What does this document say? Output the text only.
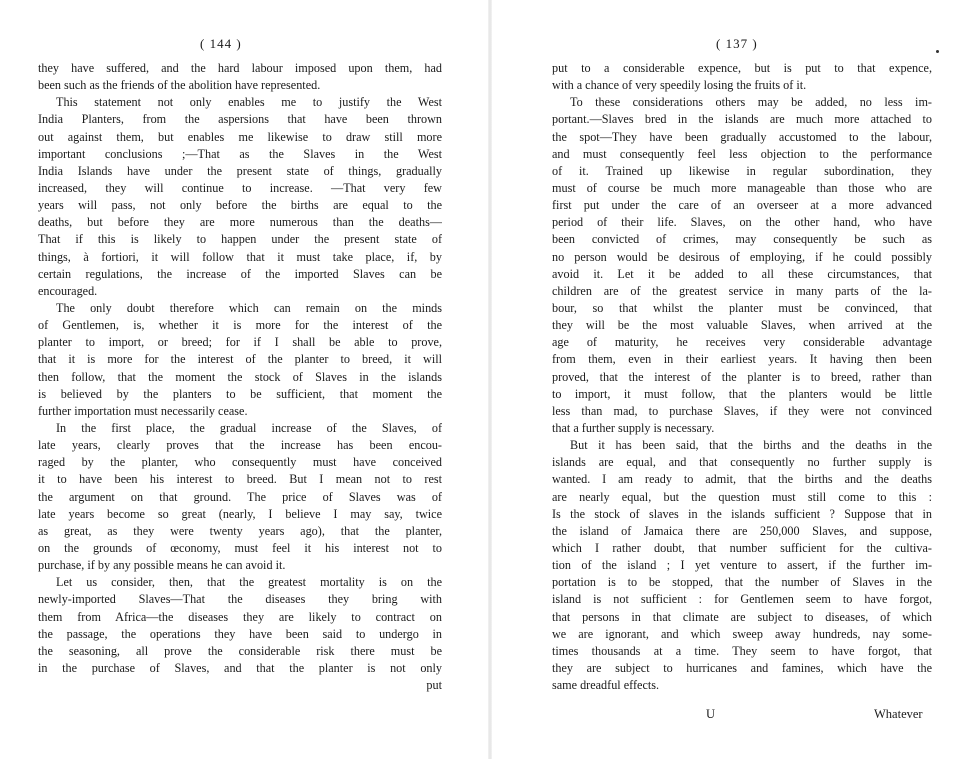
( 144 )
they have suffered, and the hard labour imposed upon them, had
been such as the friends of the abolition have represented.
This statement not only enables me to justify the West
India Planters, from the aspersions that have been thrown
out against them, but enables me likewise to draw still more
important conclusions ;—That as the Slaves in the West
India Islands have under the present state of things, gradually
increased, they will continue to increase. —That very few
years will pass, not only before the births are equal to the
deaths, but before they are more numerous than the deaths—
That if this is likely to happen under the present state of
things, à fortiori, it will follow that it must take place, if, by
certain regulations, the increase of the imported Slaves can be
encouraged.
The only doubt therefore which can remain on the minds
of Gentlemen, is, whether it is more for the interest of the
planter to import, or breed; for if I shall be able to prove,
that it is more for the interest of the planter to breed, it will
then follow, that the moment the stock of Slaves in the islands
is believed by the planters to be sufficient, that moment the
further importation must necessarily cease.
In the first place, the gradual increase of the Slaves, of
late years, clearly proves that the increase has been encou-
raged by the planter, who consequently must have conceived
it to have been his interest to breed. But I mean not to rest
the argument on that ground. The price of Slaves was of
late years become so great (nearly, I believe I may say, twice
as great, as they were twenty years ago), that the planter,
on the grounds of œconomy, must feel it his interest not to
purchase, if by any possible means he can avoid it.
Let us consider, then, that the greatest mortality is on the
newly-imported Slaves—That the diseases they bring with
them from Africa—the diseases they are likely to contract on
the passage, the operations they have been said to undergo in
the seasoning, all prove the considerable risk there must be
in the purchase of Slaves, and that the planter is not only
put
( 137 )
put to a considerable expence, but is put to that expence,
with a chance of very speedily losing the fruits of it.
To these considerations others may be added, no less im-
portant.—Slaves bred in the islands are much more attached to
the spot—They have been gradually accustomed to the labour,
and must consequently feel less objection to the performance
of it. Trained up likewise in regular subordination, they
must of course be much more manageable than those who are
first put under the care of an overseer at a more advanced
period of their life. Slaves, on the other hand, who have
been convicted of crimes, may consequently be such as
no person would be desirous of employing, if he could possibly
avoid it. Let it be added to all these circumstances, that
children are of the greatest service in many parts of the la-
bour, so that whilst the planter must be convinced, that
they will be the most valuable Slaves, when arrived at the
age of maturity, he receives very considerable advantage
from them, even in their earliest years. It having then been
proved, that the interest of the planter is to breed, rather than
to import, it must follow, that the planters would be little
less than mad, to purchase Slaves, if they were not convinced
that a further supply is necessary.
But it has been said, that the births and the deaths in the
islands are equal, and that consequently no further supply is
wanted. I am ready to admit, that the births and the deaths
are nearly equal, but the question must still come to this :
Is the stock of slaves in the islands sufficient ? Suppose that in
the island of Jamaica there are 250,000 Slaves, and suppose,
which I rather doubt, that number sufficient for the cultiva-
tion of the island ; I yet venture to assert, if the further im-
portation is to be stopped, that the number of Slaves in the
island is not sufficient : for Gentlemen seem to have forgot,
that persons in that climate are subject to diseases, of which
we are ignorant, and which sweep away hundreds, nay some-
times thousands at a time. They seem to have forgot, that
they are subject to hurricanes and famines, which have the
same dreadful effects.
U	Whatever
